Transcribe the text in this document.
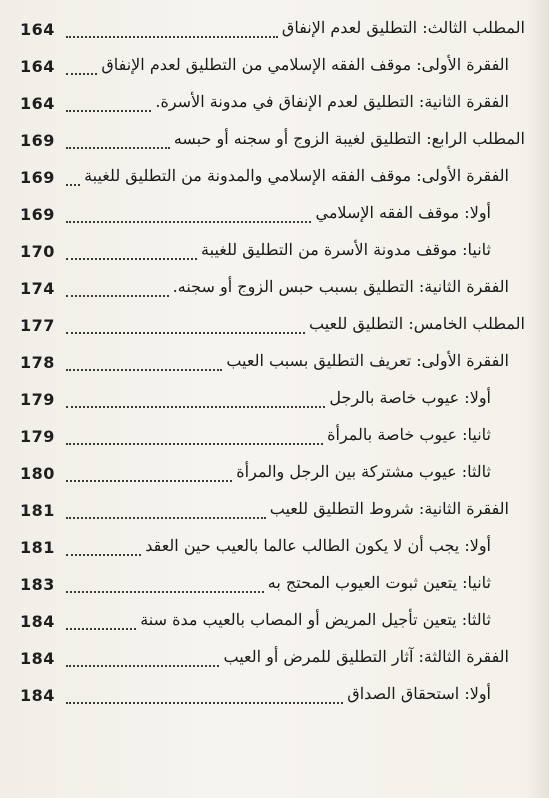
164	المطلب الثالث: التطليق لعدم الإنفاق
164	الفقرة الأولى: موقف الفقه الإسلامي من التطليق لعدم الإنفاق
164	الفقرة الثانية: التطليق لعدم الإنفاق في مدونة الأسرة.
169	المطلب الرابع: التطليق لغيبة الزوج أو سجنه أو حبسه
169	الفقرة الأولى: موقف الفقه الإسلامي والمدونة من التطليق للغيبة
169	أولا: موقف الفقه الإسلامي
170	ثانيا: موقف مدونة الأسرة من التطليق للغيبة
174	الفقرة الثانية: التطليق بسبب حبس الزوج أو سجنه.
177	المطلب الخامس: التطليق للعيب
178	الفقرة الأولى: تعريف التطليق بسبب العيب
179	أولا: عيوب خاصة بالرجل
179	ثانيا: عيوب خاصة بالمرأة
180	ثالثا: عيوب مشتركة بين الرجل والمرأة
181	الفقرة الثانية: شروط التطليق للعيب
181	أولا: يجب أن لا يكون الطالب عالما بالعيب حين العقد
183	ثانيا: يتعين ثبوت العيوب المحتج به
184	ثالثا: يتعين تأجيل المريض أو المصاب بالعيب مدة سنة
184	الفقرة الثالثة: آثار التطليق للمرض أو العيب
184	أولا: استحقاق الصداق
